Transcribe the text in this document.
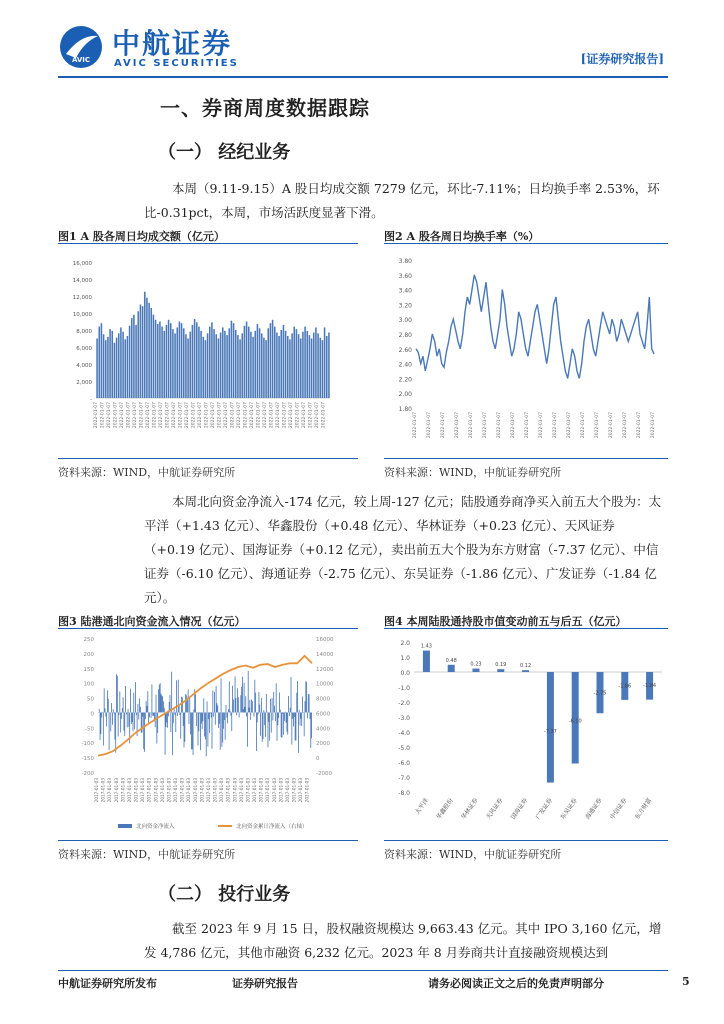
AVIC 中航证券
AVIC SECURITIES	[证券研究报告]
一、券商周度数据跟踪
（一） 经纪业务
本周（9.11-9.15）A 股日均成交额 7279 亿元，环比-7.11%；日均换手率 2.53%，环比-0.31pct，本周，市场活跃度显著下滑。
图1 A 股各周日均成交额（亿元）	图2 A 股各周日均换手率（%）
-
2,000
4,000
6,000
8,000
10,000
12,000
14,000
16,000
2022-01-07 2022-01-07 2022-01-07 2022-01-07 2022-01-07 2022-01-07 2022-01-07 2022-01-07 2022-01-07 2022-01-07 2022-01-07 2022-01-07 2022-01-07 2022-01-07 2022-01-07 2022-01-07 2022-01-07 2022-01-07 2022-01-07 2022-01-07 2022-01-07 2022-01-07 2022-01-07 2022-01-07 2022-01-07 2022-01-07 2022-01-07 2022-01-07 2022-01-07 2022-01-07 2022-01-07 2022-01-07 2022-01-07 2022-01-07 2022-01-07 2022-01-07	1.80
2.00
2.20
2.40
2.60
2.80
3.00
3.20
3.40
3.60
3.80
2022-01-07 2022-01-07 2022-01-07 2022-01-07 2022-01-07 2022-01-07 2022-01-07 2022-01-07 2022-01-07 2022-01-07 2022-01-07 2022-01-07 2022-01-07 2022-01-07 2022-01-07 2022-01-07 2022-01-07 2022-01-07
资料来源：WIND，中航证券研究所	资料来源：WIND，中航证券研究所
本周北向资金净流入-174 亿元，较上周-127 亿元；陆股通券商净买入前五大个股为：太平洋（+1.43 亿元）、华鑫股份（+0.48 亿元）、华林证券（+0.23 亿元）、天风证券（+0.19 亿元）、国海证券（+0.12 亿元），卖出前五大个股为东方财富（-7.37 亿元）、中信证券（-6.10 亿元）、海通证券（-2.75 亿元）、东吴证券（-1.86 亿元）、广发证券（-1.84 亿元）。
图3 陆港通北向资金流入情况（亿元）	图4 本周陆股通持股市值变动前五与后五（亿元）
-200
-150
-100
-50
0
50
100
150
200
250
-2000
0
2000
4000
6000
8000
10000
12000
14000
16000
2017-01-03 2017-01-03 2017-01-03 2017-01-03 2017-01-03 2017-01-03 2017-01-03 2017-01-03 2017-01-03 2017-01-03 2017-01-03 2017-01-03 2017-01-03 2017-01-03 2017-01-03 2017-01-03 2017-01-03 2017-01-03 2017-01-03 2017-01-03 2017-01-03 2017-01-03 2017-01-03 2017-01-03 2017-01-03 2017-01-03 2017-01-03 2017-01-03 2017-01-03 2017-01-03 2017-01-03 2017-01-03 2017-01-03
北向资金净流入	北向资金累计净流入（右轴）
2.0
1.0
0.0
-1.0
-2.0
-3.0
-4.0
-5.0
-6.0
-7.0
-8.0
1.43
太平洋
0.48
华鑫股份
0.23
华林证券
0.19
天风证券
0.12
国海证券
-7.37
广发证券
-6.10
东吴证券
-2.75
海通证券
-1.86
中信证券
-1.84
东方财富
资料来源：WIND，中航证券研究所	资料来源：WIND，中航证券研究所
（二） 投行业务
截至 2023 年 9 月 15 日，股权融资规模达 9,663.43 亿元。其中 IPO 3,160 亿元，增发 4,786 亿元，其他市融资 6,232 亿元。2023 年 8 月券商共计直接融资规模达到
中航证券研究所发布	证券研究报告	请务必阅读正文之后的免责声明部分	5
